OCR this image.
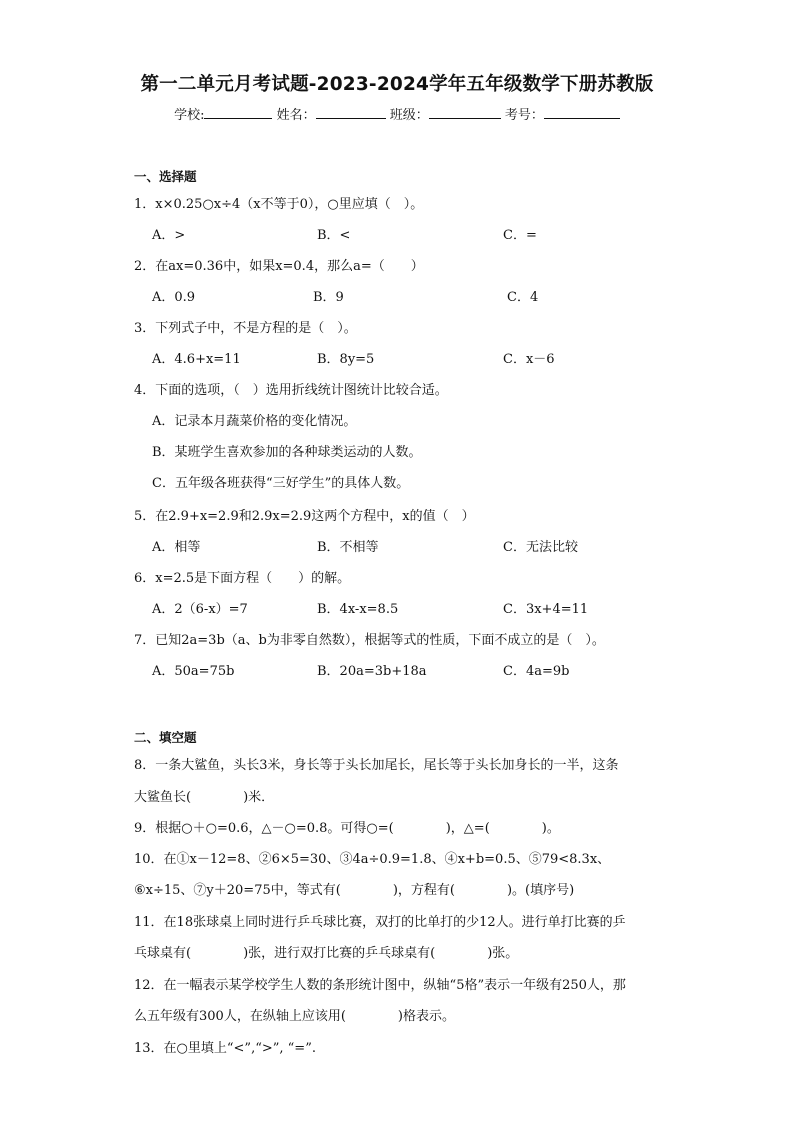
第一二单元月考试题-2023-2024学年五年级数学下册苏教版
学校:	姓名：	班级：	考号：
一、选择题
1．x×0.25○x÷4（x不等于0），○里应填（　）。
A．>	B．<	C．=
2．在ax=0.36中，如果x=0.4，那么a=（　　）
A．0.9	B．9	C．4
3．下列式子中，不是方程的是（　）。
A．4.6+x=11	B．8y=5	C．x－6
4．下面的选项，（　）选用折线统计图统计比较合适。
A．记录本月蔬菜价格的变化情况。
B．某班学生喜欢参加的各种球类运动的人数。
C．五年级各班获得“三好学生”的具体人数。
5．在2.9+x=2.9和2.9x=2.9这两个方程中，x的值（　）
A．相等	B．不相等	C．无法比较
6．x=2.5是下面方程（　　）的解。
A．2（6-x）=7	B．4x-x=8.5	C．3x+4=11
7．已知2a=3b（a、b为非零自然数），根据等式的性质，下面不成立的是（　）。
A．50a=75b	B．20a=3b+18a	C．4a=9b
二、填空题
8．一条大鲨鱼，头长3米，身长等于头长加尾长，尾长等于头长加身长的一半，这条
大鲨鱼长(　　　　)米．
9．根据○＋○=0.6，△－○=0.8。可得○=(　　　　)，△=(　　　　)。
10．在①x－12=8、②6×5=30、③4a÷0.9=1.8、④x+b=0.5、⑤79<8.3x、
⑥x÷15、⑦y＋20=75中，等式有(　　　　)，方程有(　　　　)。(填序号)
11．在18张球桌上同时进行乒乓球比赛，双打的比单打的少12人。进行单打比赛的乒
乓球桌有(　　　　)张，进行双打比赛的乒乓球桌有(　　　　)张。
12．在一幅表示某学校学生人数的条形统计图中，纵轴“5格”表示一年级有250人，那
么五年级有300人，在纵轴上应该用(　　　　)格表示。
13．在○里填上“<”,“>”, “=”.
